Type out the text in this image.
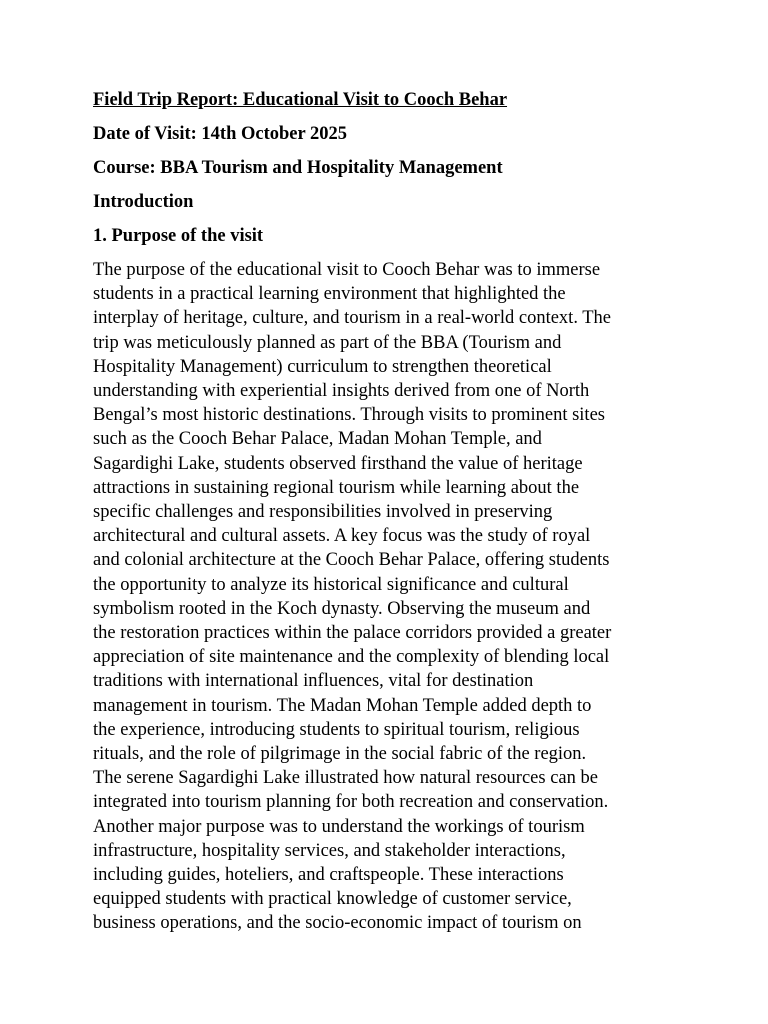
Field Trip Report: Educational Visit to Cooch Behar
Date of Visit: 14th October 2025
Course: BBA Tourism and Hospitality Management
Introduction
1. Purpose of the visit

The purpose of the educational visit to Cooch Behar was to immerse
students in a practical learning environment that highlighted the
interplay of heritage, culture, and tourism in a real-world context. The
trip was meticulously planned as part of the BBA (Tourism and
Hospitality Management) curriculum to strengthen theoretical
understanding with experiential insights derived from one of North
Bengal’s most historic destinations. Through visits to prominent sites
such as the Cooch Behar Palace, Madan Mohan Temple, and
Sagardighi Lake, students observed firsthand the value of heritage
attractions in sustaining regional tourism while learning about the
specific challenges and responsibilities involved in preserving
architectural and cultural assets. A key focus was the study of royal
and colonial architecture at the Cooch Behar Palace, offering students
the opportunity to analyze its historical significance and cultural
symbolism rooted in the Koch dynasty. Observing the museum and
the restoration practices within the palace corridors provided a greater
appreciation of site maintenance and the complexity of blending local
traditions with international influences, vital for destination
management in tourism. The Madan Mohan Temple added depth to
the experience, introducing students to spiritual tourism, religious
rituals, and the role of pilgrimage in the social fabric of the region.
The serene Sagardighi Lake illustrated how natural resources can be
integrated into tourism planning for both recreation and conservation.
Another major purpose was to understand the workings of tourism
infrastructure, hospitality services, and stakeholder interactions,
including guides, hoteliers, and craftspeople. These interactions
equipped students with practical knowledge of customer service,
business operations, and the socio-economic impact of tourism on
